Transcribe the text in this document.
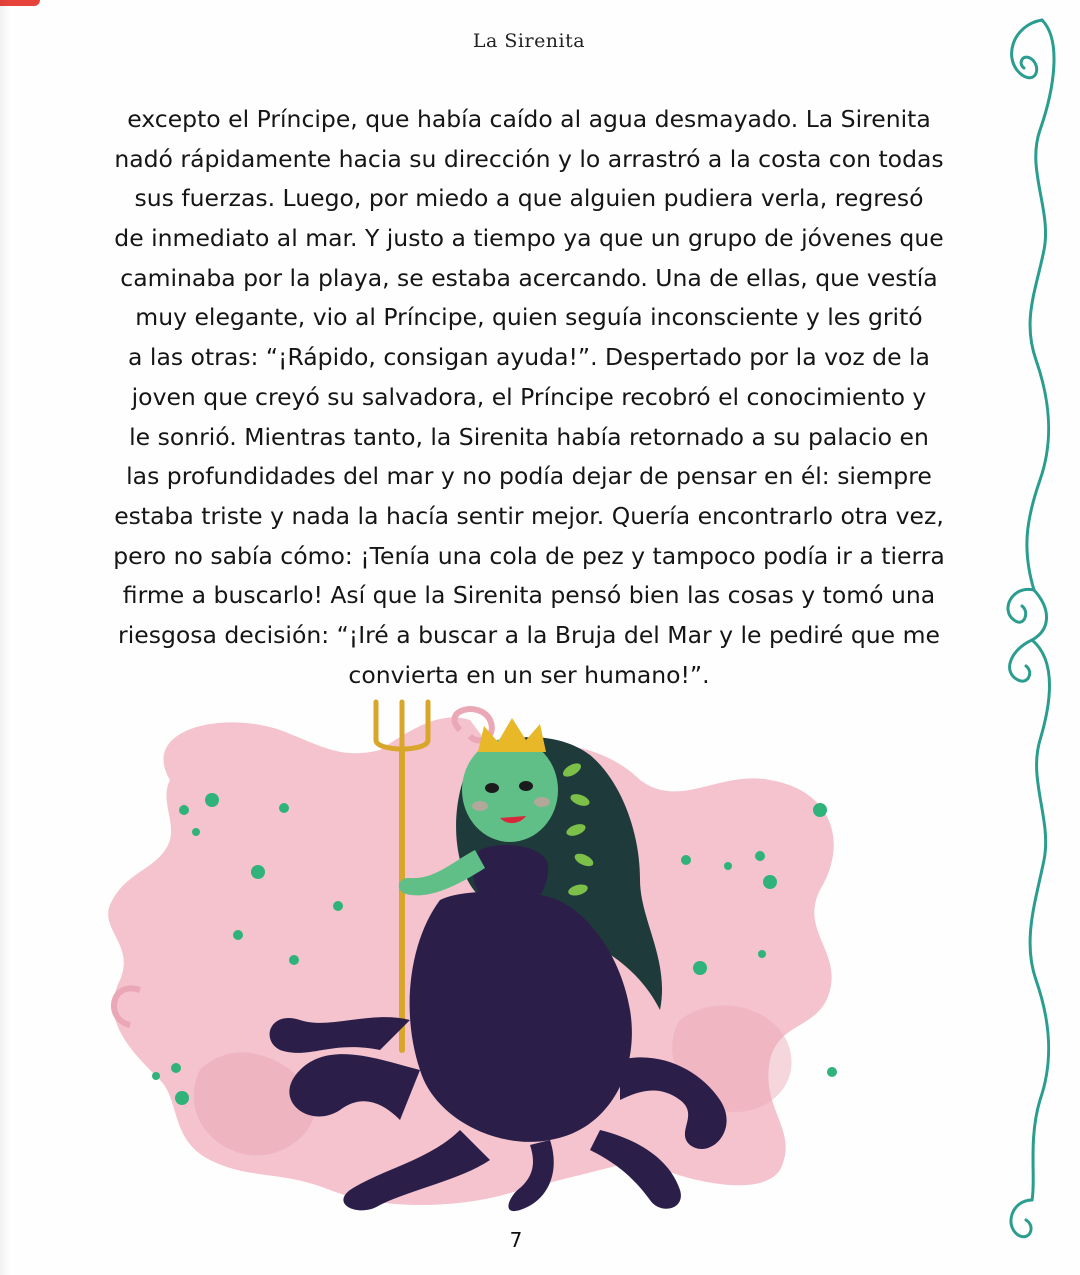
La Sirenita
excepto el Príncipe, que había caído al agua desmayado. La Sirenita
nadó rápidamente hacia su dirección y lo arrastró a la costa con todas
sus fuerzas. Luego, por miedo a que alguien pudiera verla, regresó
de inmediato al mar. Y justo a tiempo ya que un grupo de jóvenes que
caminaba por la playa, se estaba acercando. Una de ellas, que vestía
muy elegante, vio al Príncipe, quien seguía inconsciente y les gritó
a las otras: “¡Rápido, consigan ayuda!”. Despertado por la voz de la
joven que creyó su salvadora, el Príncipe recobró el conocimiento y
le sonrió. Mientras tanto, la Sirenita había retornado a su palacio en
las profundidades del mar y no podía dejar de pensar en él: siempre
estaba triste y nada la hacía sentir mejor. Quería encontrarlo otra vez,
pero no sabía cómo: ¡Tenía una cola de pez y tampoco podía ir a tierra
firme a buscarlo! Así que la Sirenita pensó bien las cosas y tomó una
riesgosa decisión: “¡Iré a buscar a la Bruja del Mar y le pediré que me
convierta en un ser humano!”.
7
